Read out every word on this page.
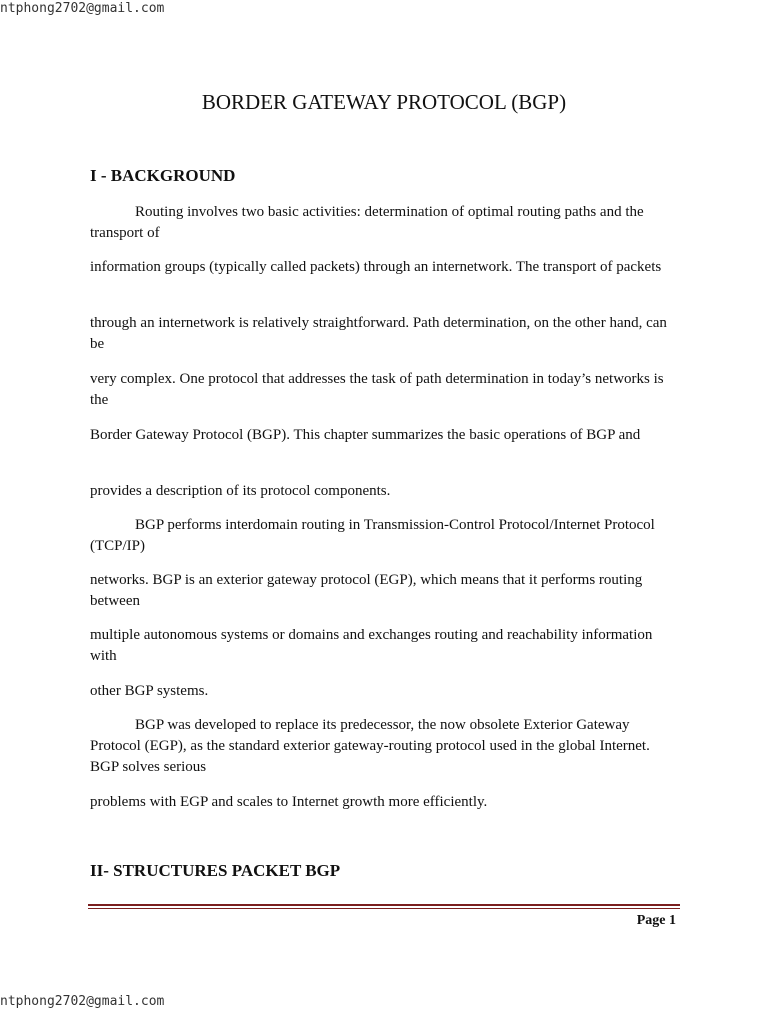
ntphong2702@gmail.com
BORDER GATEWAY PROTOCOL (BGP)
I - BACKGROUND

Routing involves two basic activities: determination of optimal routing paths and the transport of

information groups (typically called packets) through an internetwork. The transport of packets

through an internetwork is relatively straightforward. Path determination, on the other hand, can be

very complex. One protocol that addresses the task of path determination in today’s networks is the

Border Gateway Protocol (BGP). This chapter summarizes the basic operations of BGP and

provides a description of its protocol components.

BGP performs interdomain routing in Transmission-Control Protocol/Internet Protocol (TCP/IP)

networks. BGP is an exterior gateway protocol (EGP), which means that it performs routing between

multiple autonomous systems or domains and exchanges routing and reachability information with

other BGP systems.

BGP was developed to replace its predecessor, the now obsolete Exterior Gateway Protocol (EGP), as the standard exterior gateway-routing protocol used in the global Internet. BGP solves serious

problems with EGP and scales to Internet growth more efficiently.

II- STRUCTURES PACKET BGP
Page 1
ntphong2702@gmail.com
